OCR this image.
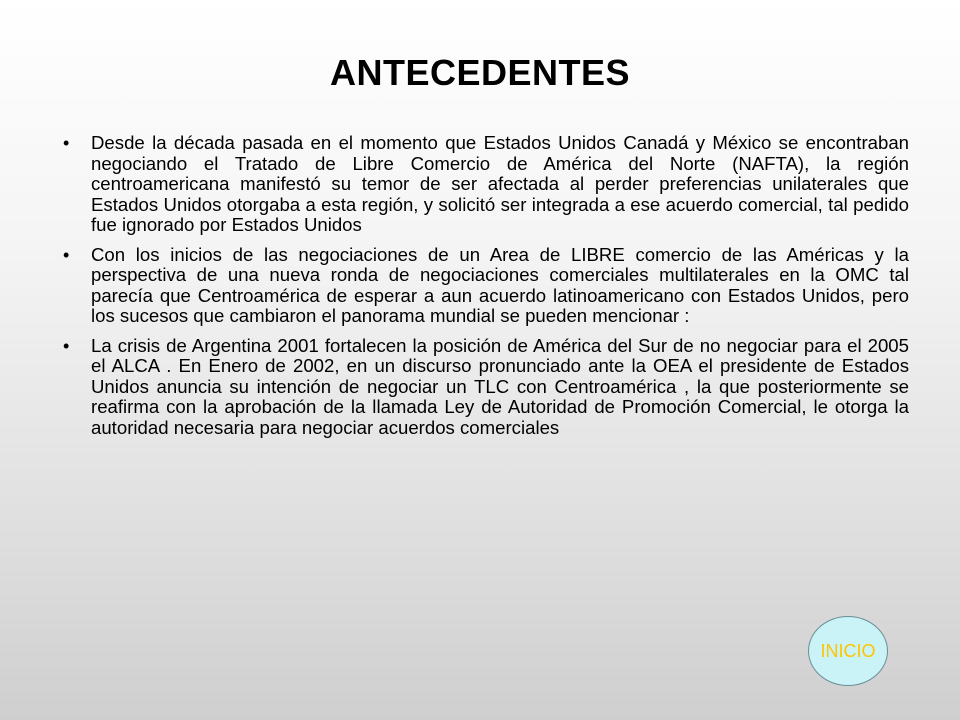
ANTECEDENTES
• Desde la década pasada en el momento que Estados Unidos Canadá y México se encontraban negociando el Tratado de Libre Comercio de América del Norte (NAFTA), la región centroamericana manifestó su temor de ser afectada al perder preferencias unilaterales que Estados Unidos otorgaba a esta región, y solicitó ser integrada a ese acuerdo comercial, tal pedido fue ignorado por Estados Unidos
• Con los inicios de las negociaciones de un Area de LIBRE comercio de las Américas y la perspectiva de una nueva ronda de negociaciones comerciales multilaterales en la OMC tal parecía que Centroamérica de esperar a aun acuerdo latinoamericano con Estados Unidos, pero los sucesos que cambiaron el panorama mundial se pueden mencionar :
• La crisis de Argentina 2001 fortalecen la posición de América del Sur de no negociar para el 2005 el ALCA . En Enero de 2002, en un discurso pronunciado ante la OEA el presidente de Estados Unidos anuncia su intención de negociar un TLC con Centroamérica , la que posteriormente se reafirma con la aprobación de la llamada Ley de Autoridad de Promoción Comercial, le otorga la autoridad necesaria para negociar acuerdos comerciales
INICIO
